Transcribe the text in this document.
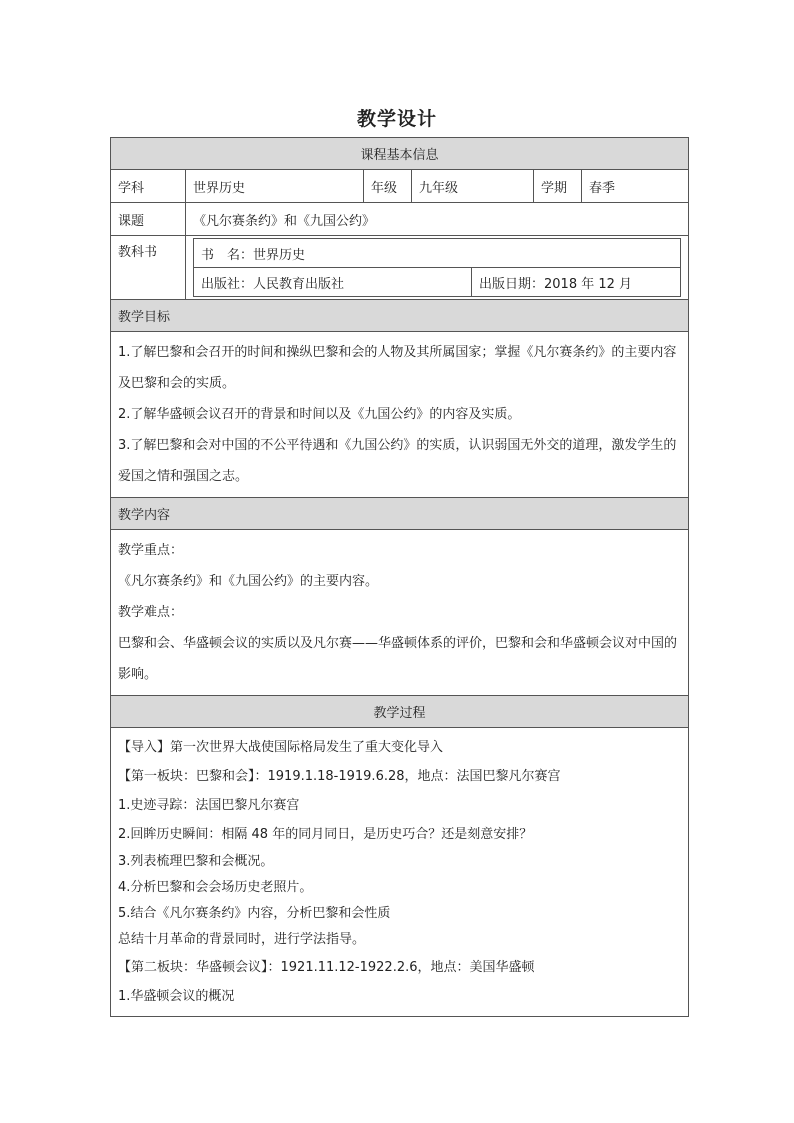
教学设计
课程基本信息
学科	世界历史	年级	九年级	学期	春季
课题	《凡尔赛条约》和《九国公约》
教科书		书　名：世界历史
出版社：人民教育出版社	出版日期：2018 年 12 月

教学目标

1.了解巴黎和会召开的时间和操纵巴黎和会的人物及其所属国家；掌握《凡尔赛条约》的主要内容及巴黎和会的实质。

2.了解华盛顿会议召开的背景和时间以及《九国公约》的内容及实质。

3.了解巴黎和会对中国的不公平待遇和《九国公约》的实质，认识弱国无外交的道理，激发学生的爱国之情和强国之志。

教学内容

教学重点：

《凡尔赛条约》和《九国公约》的主要内容。

教学难点：

巴黎和会、华盛顿会议的实质以及凡尔赛——华盛顿体系的评价，巴黎和会和华盛顿会议对中国的影响。

教学过程

【导入】第一次世界大战使国际格局发生了重大变化导入

【第一板块：巴黎和会】：1919.1.18-1919.6.28，地点：法国巴黎凡尔赛宫

1.史迹寻踪：法国巴黎凡尔赛宫

2.回眸历史瞬间：相隔 48 年的同月同日，是历史巧合？还是刻意安排？

3.列表梳理巴黎和会概况。

4.分析巴黎和会会场历史老照片。

5.结合《凡尔赛条约》内容，分析巴黎和会性质

总结十月革命的背景同时，进行学法指导。

【第二板块：华盛顿会议】：1921.11.12-1922.2.6，地点：美国华盛顿

1.华盛顿会议的概况
